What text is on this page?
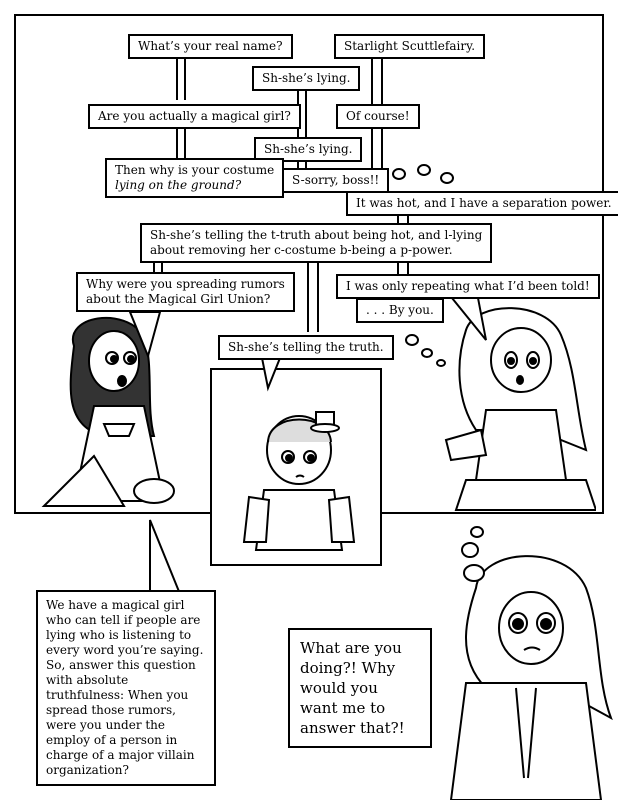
What’s your real name?	Starlight Scuttlefairy.
Sh-she’s lying.
Are you actually a magical girl?	Of course!
Sh-she’s lying.
Then why is your costume
lying on the ground?	S-sorry, boss!!
It was hot, and I have a separation power.
Sh-she’s telling the t-truth about being hot, and l-lying
about removing her c-costume b-being a p-power.
Why were you spreading rumors
about the Magical Girl Union?
I was only repeating what I’d been told!
. . . By you.
Sh-she’s telling the truth.
We have a magical girl who can tell if people are lying who is listening to every word you’re saying. So, answer this question with absolute truthfulness: When you spread those rumors, were you under the employ of a person in charge of a major villain organization?
What are you doing?! Why would you want me to answer that?!
